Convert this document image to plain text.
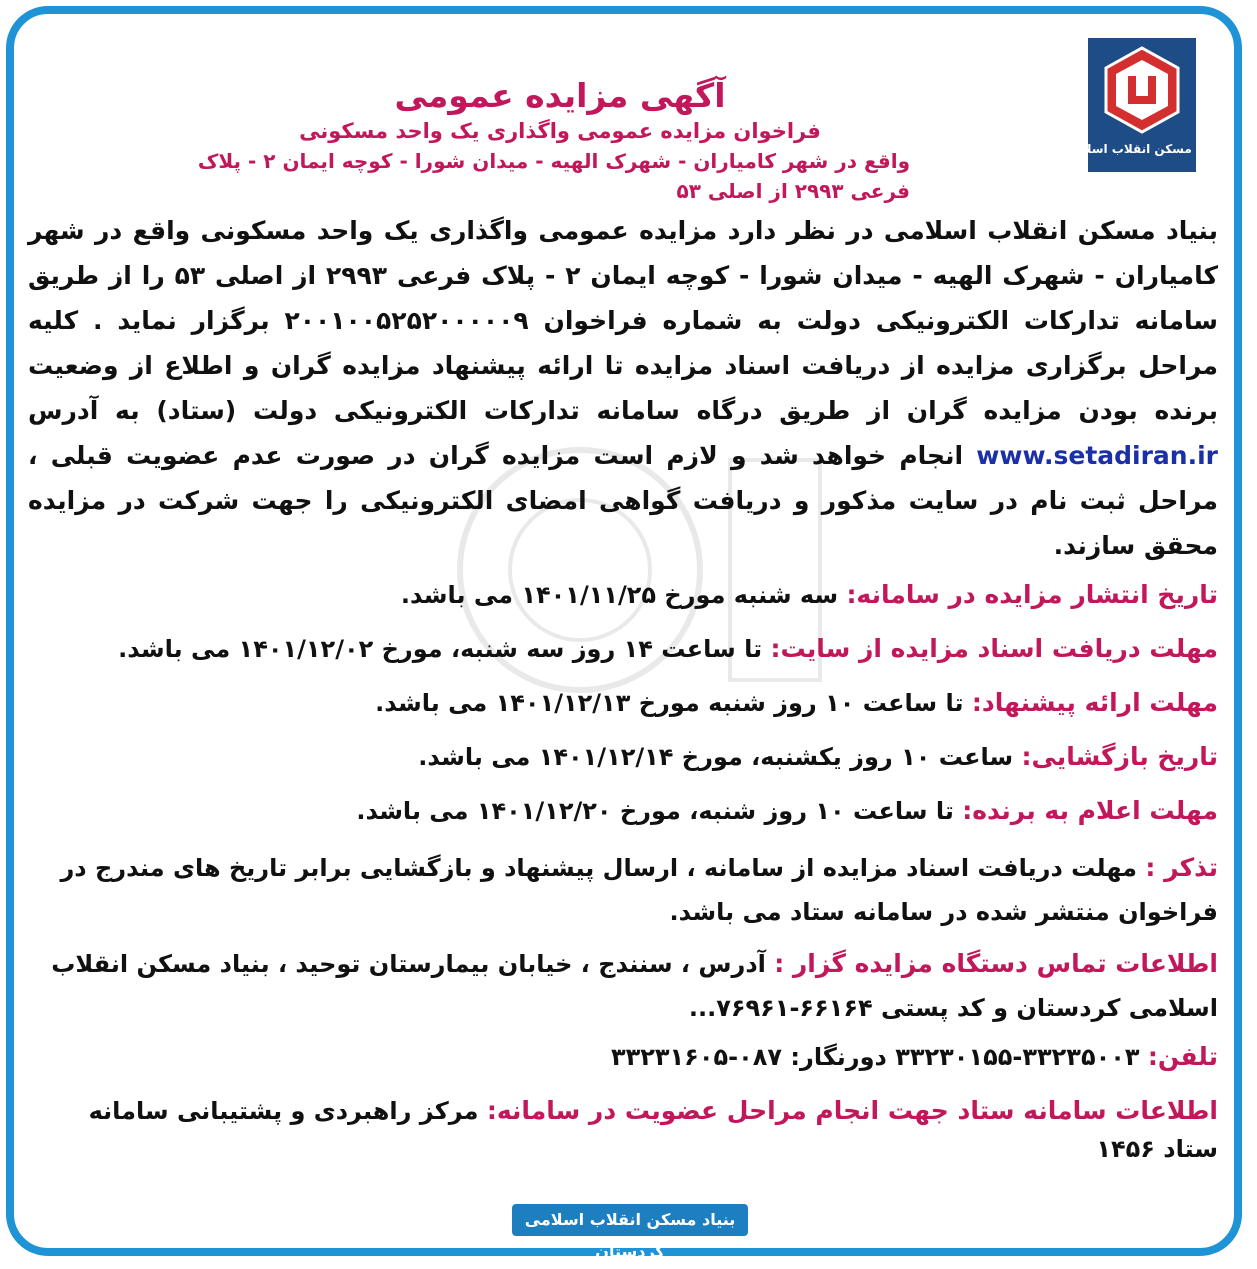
بنیاد مسکن انقلاب اسلامی
آگهی مزایده عمومی
فراخوان مزایده عمومی واگذاری یک واحد مسکونی
واقع در شهر کامیاران - شهرک الهیه - میدان شورا - کوچه ایمان ۲ - پلاک فرعی ۲۹۹۳ از اصلی ۵۳
بنیاد مسکن انقلاب اسلامی در نظر دارد مزایده عمومی واگذاری یک واحد مسکونی واقع در شهر کامیاران - شهرک الهیه - میدان شورا - کوچه ایمان ۲ - پلاک فرعی ۲۹۹۳ از اصلی ۵۳ را از طریق سامانه تدارکات الکترونیکی دولت به شماره فراخوان ۲۰۰۱۰۰۵۲۵۲۰۰۰۰۰۹ برگزار نماید . کلیه مراحل برگزاری مزایده از دریافت اسناد مزایده تا ارائه پیشنهاد مزایده گران و اطلاع از وضعیت برنده بودن مزایده گران از طریق درگاه سامانه تدارکات الکترونیکی دولت (ستاد) به آدرس www.setadiran.ir انجام خواهد شد و لازم است مزایده گران در صورت عدم عضویت قبلی ، مراحل ثبت نام در سایت مذکور و دریافت گواهی امضای الکترونیکی را جهت شرکت در مزایده محقق سازند.
تاریخ انتشار مزایده در سامانه: سه شنبه مورخ ۱۴۰۱/۱۱/۲۵ می باشد.
مهلت دریافت اسناد مزایده از سایت: تا ساعت ۱۴ روز سه شنبه، مورخ ۱۴۰۱/۱۲/۰۲ می باشد.
مهلت ارائه پیشنهاد: تا ساعت ۱۰ روز شنبه مورخ ۱۴۰۱/۱۲/۱۳ می باشد.
تاریخ بازگشایی: ساعت ۱۰ روز یکشنبه، مورخ ۱۴۰۱/۱۲/۱۴ می باشد.
مهلت اعلام به برنده: تا ساعت ۱۰ روز شنبه، مورخ ۱۴۰۱/۱۲/۲۰ می باشد.
تذکر : مهلت دریافت اسناد مزایده از سامانه ، ارسال پیشنهاد و بازگشایی برابر تاریخ های مندرج در فراخوان منتشر شده در سامانه ستاد می باشد.
اطلاعات تماس دستگاه مزایده گزار : آدرس ، سنندج ، خیابان بیمارستان توحید ، بنیاد مسکن انقلاب اسلامی کردستان و کد پستی ۶۶۱۶۴-۷۶۹۶۱...
تلفن: ۳۳۲۳۵۰۰۳-۳۳۲۳۰۱۵۵ دورنگار: ۰۸۷-۳۳۲۳۱۶۰۵
اطلاعات سامانه ستاد جهت انجام مراحل عضویت در سامانه: مرکز راهبردی و پشتیبانی سامانه ستاد ۱۴۵۶
بنیاد مسکن انقلاب اسلامی کردستان
